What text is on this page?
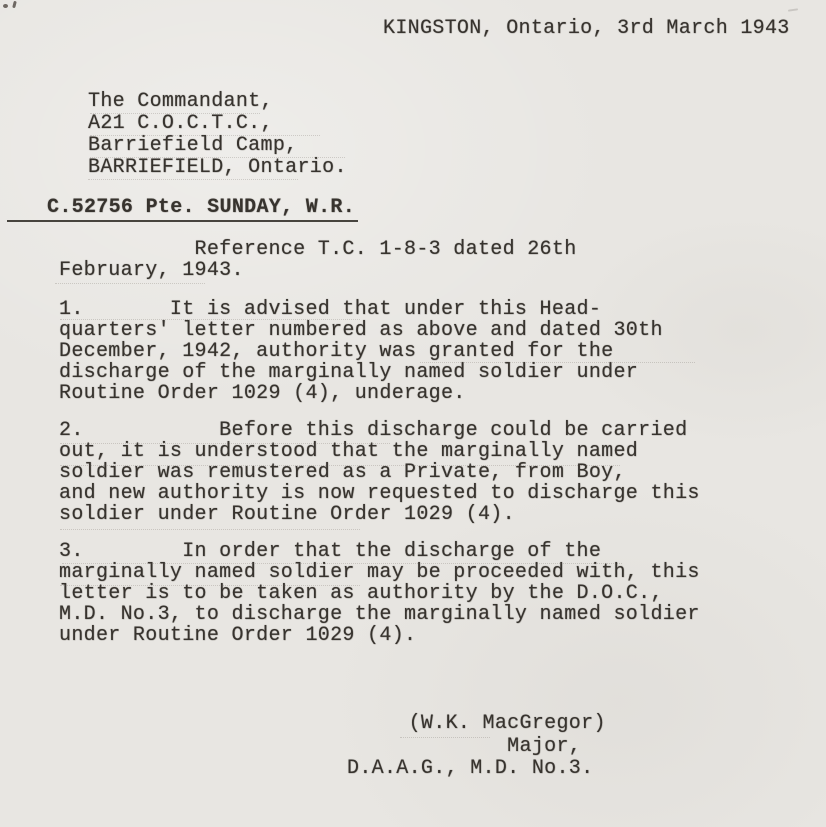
KINGSTON, Ontario, 3rd March 1943
The Commandant,
A21 C.O.C.T.C.,
Barriefield Camp,
BARRIEFIELD, Ontario.
C.52756 Pte. SUNDAY, W.R.
Reference T.C. 1-8-3 dated 26th
February, 1943.
1.       It is advised that under this Head-
quarters' letter numbered as above and dated 30th
December, 1942, authority was granted for the
discharge of the marginally named soldier under
Routine Order 1029 (4), underage.
2.           Before this discharge could be carried
out, it is understood that the marginally named
soldier was remustered as a Private, from Boy,
and new authority is now requested to discharge this
soldier under Routine Order 1029 (4).
3.        In order that the discharge of the
marginally named soldier may be proceeded with, this
letter is to be taken as authority by the D.O.C.,
M.D. No.3, to discharge the marginally named soldier
under Routine Order 1029 (4).
(W.K. MacGregor)
Major,
D.A.A.G., M.D. No.3.
